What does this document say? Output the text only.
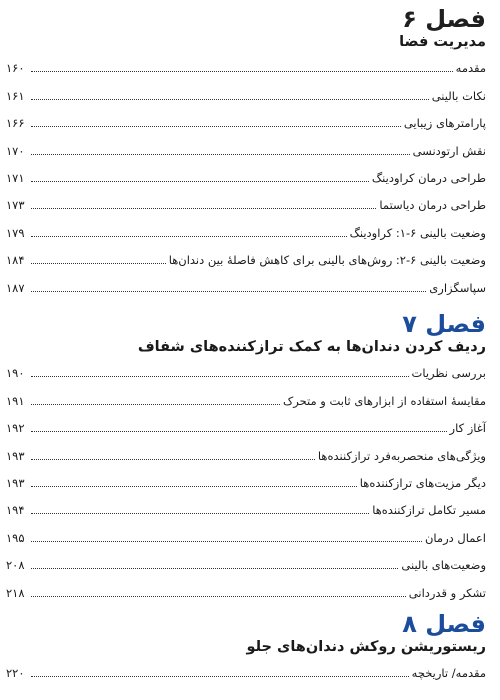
فصل ۶
مدیریت فضا
مقدمه
۱۶۰
نکات بالینی
۱۶۱
پارامترهای زیبایی
۱۶۶
نقش ارتودنسی
۱۷۰
طراحی درمان کراودینگ
۱۷۱
طراحی درمان دیاستما
۱۷۳
وضعیت بالینی ۶-۱: کراودینگ
۱۷۹
وضعیت بالینی ۶-۲: روش‌های بالینی برای کاهش فاصلهٔ بین دندان‌ها
۱۸۴
سپاسگزاری
۱۸۷
فصل ۷
ردیف کردن دندان‌ها به کمک ترازکننده‌های شفاف
بررسی نظریات
۱۹۰
مقایسهٔ استفاده از ابزارهای ثابت و متحرک
۱۹۱
آغاز کار
۱۹۲
ویژگی‌های منحصربه‌فرد ترازکننده‌ها
۱۹۳
دیگر مزیت‌های ترازکننده‌ها
۱۹۳
مسیر تکامل ترازکننده‌ها
۱۹۴
اعمال درمان
۱۹۵
وضعیت‌های بالینی
۲۰۸
تشکر و قدردانی
۲۱۸
فصل ۸
ریستوریشن روکش دندان‌های جلو
مقدمه/ تاریخچه
۲۲۰
